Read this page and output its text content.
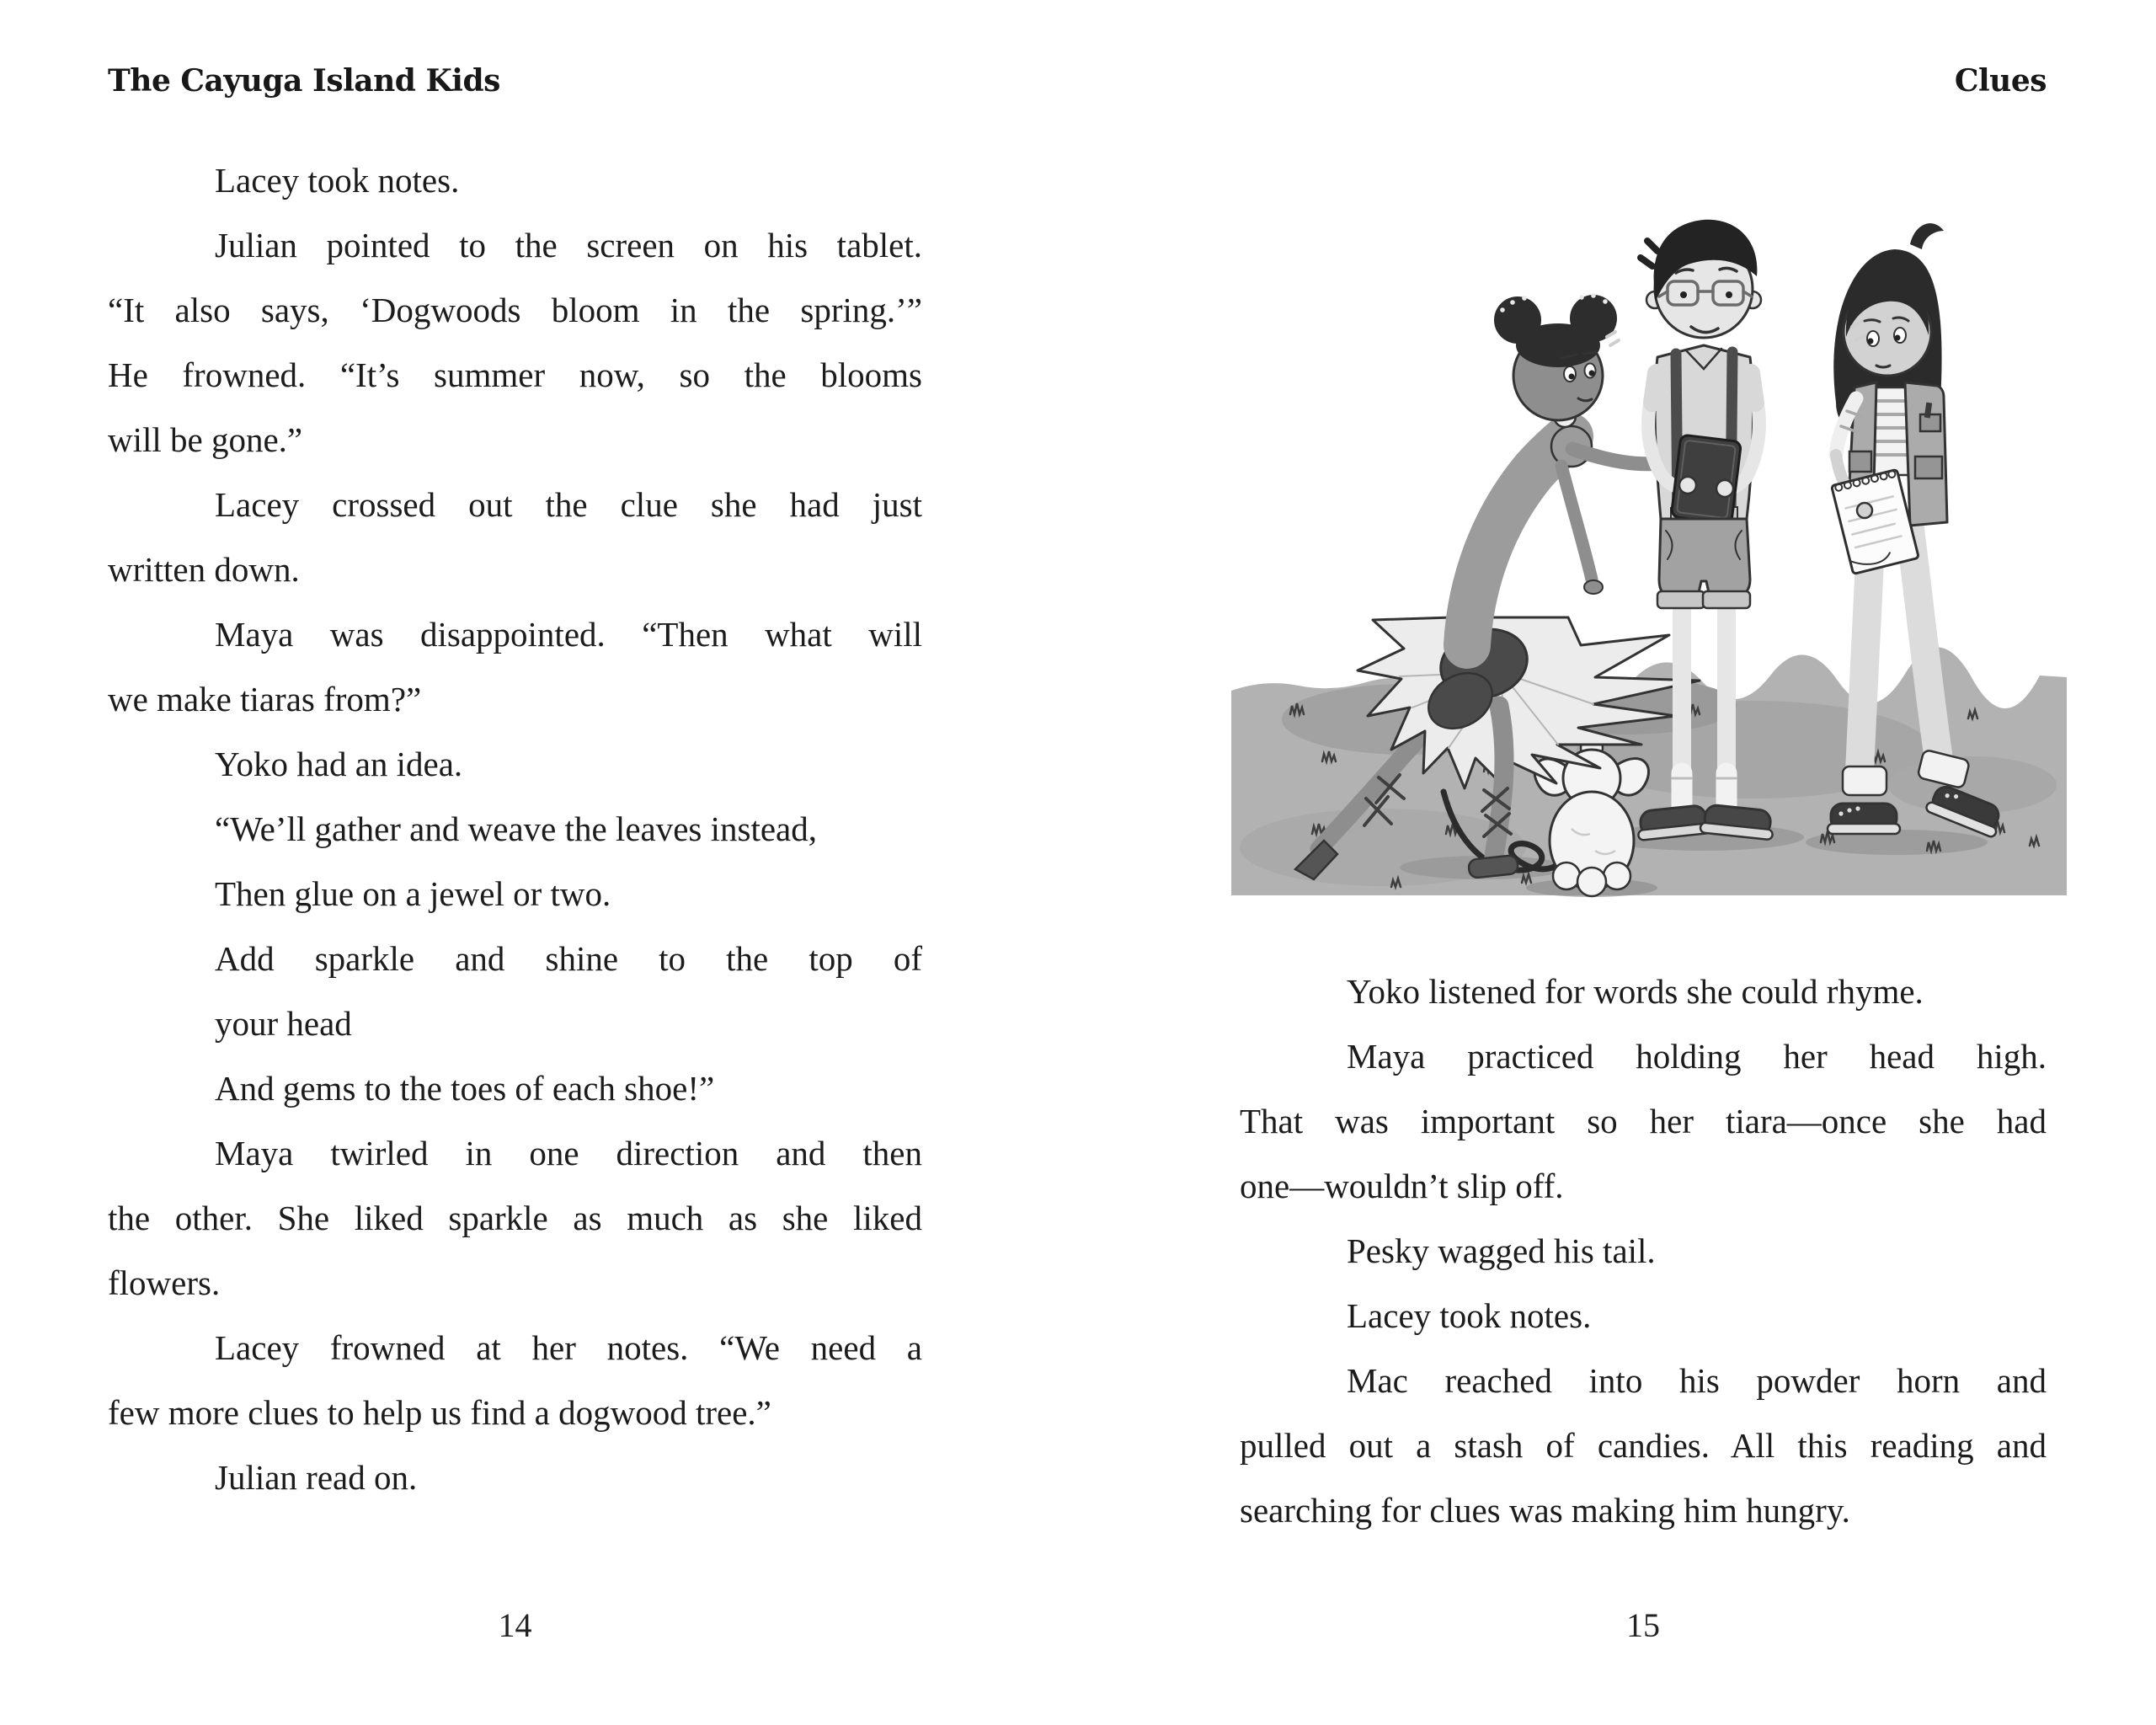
The Cayuga Island Kids
Lacey took notes.
Julian pointed to the screen on his tablet.
“It also says, ‘Dogwoods bloom in the spring.’”
He frowned. “It’s summer now, so the blooms
will be gone.”
Lacey crossed out the clue she had just
written down.
Maya was disappointed. “Then what will
we make tiaras from?”
Yoko had an idea.
“We’ll gather and weave the leaves instead,
Then glue on a jewel or two.
Add sparkle and shine to the top of
your head
And gems to the toes of each shoe!”
Maya twirled in one direction and then
the other. She liked sparkle as much as she liked
flowers.
Lacey frowned at her notes. “We need a
few more clues to help us find a dogwood tree.”
Julian read on.
14
Clues
Yoko listened for words she could rhyme.
Maya practiced holding her head high.
That was important so her tiara—once she had
one—wouldn’t slip off.
Pesky wagged his tail.
Lacey took notes.
Mac reached into his powder horn and
pulled out a stash of candies. All this reading and
searching for clues was making him hungry.
15
